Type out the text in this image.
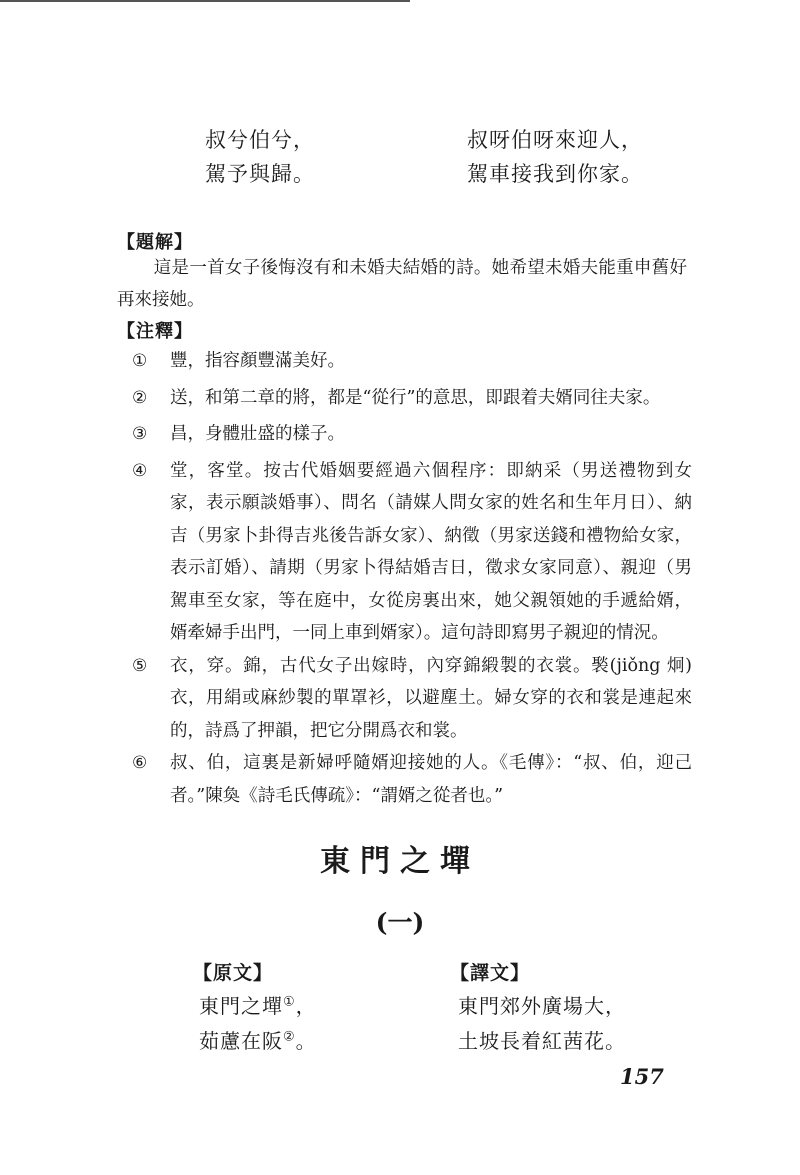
叔兮伯兮，
駕予與歸。
叔呀伯呀來迎人，
駕車接我到你家。
【題解】

這是一首女子後悔沒有和未婚夫結婚的詩。她希望未婚夫能重申舊好再來接她。

【注釋】
① 豐，指容顏豐滿美好。
② 送，和第二章的將，都是“從行”的意思，即跟着夫婿同往夫家。
③ 昌，身體壯盛的樣子。
④ 堂，客堂。按古代婚姻要經過六個程序：即納采（男送禮物到女家，表示願談婚事）、問名（請媒人問女家的姓名和生年月日）、納吉（男家卜卦得吉兆後告訴女家）、納徵（男家送錢和禮物給女家，表示訂婚）、請期（男家卜得結婚吉日，徵求女家同意）、親迎（男駕車至女家，等在庭中，女從房裏出來，她父親領她的手遞給婿，婿牽婦手出門，一同上車到婿家）。這句詩即寫男子親迎的情況。
⑤ 衣，穿。錦，古代女子出嫁時，內穿錦緞製的衣裳。褧(jiǒng 炯)衣，用絹或麻紗製的單罩衫，以避塵土。婦女穿的衣和裳是連起來的，詩爲了押韻，把它分開爲衣和裳。
⑥ 叔、伯，這裏是新婦呼隨婿迎接她的人。《毛傳》：“叔、伯，迎己者。”陳奐《詩毛氏傳疏》：“謂婿之從者也。”
東門之墠
(一)
【原文】	【譯文】
東門之墠①，
茹藘在阪②。
東門郊外廣場大，
土坡長着紅茜花。
157
